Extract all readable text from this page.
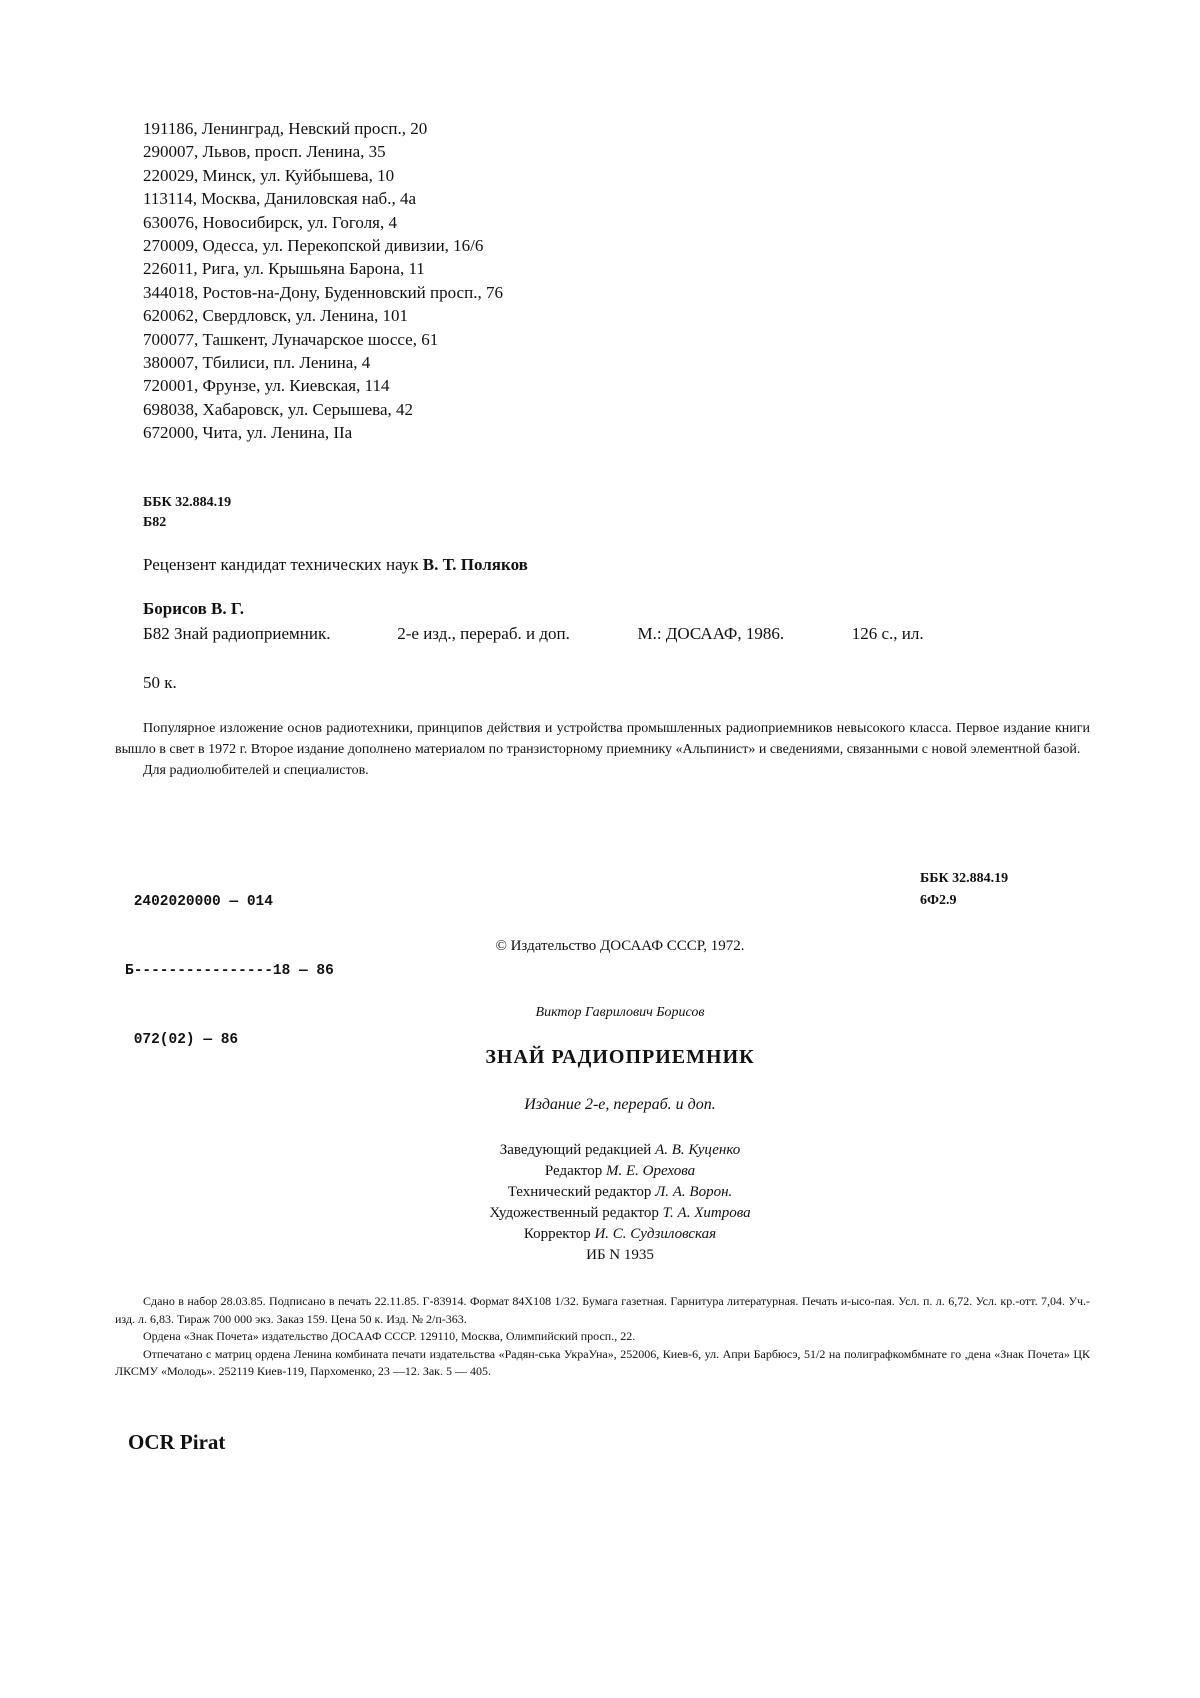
191186, Ленинград, Невский просп., 20
290007, Львов, просп. Ленина, 35
220029, Минск, ул. Куйбышева, 10
113114, Москва, Даниловская наб., 4а
630076, Новосибирск, ул. Гоголя, 4
270009, Одесса, ул. Перекопской дивизии, 16/6
226011, Рига, ул. Крышьяна Барона, 11
344018, Ростов-на-Дону, Буденновский просп., 76
620062, Свердловск, ул. Ленина, 101
700077, Ташкент, Луначарское шоссе, 61
380007, Тбилиси, пл. Ленина, 4
720001, Фрунзе, ул. Киевская, 114
698038, Хабаровск, ул. Серышева, 42
672000, Чита, ул. Ленина, IIa
ББК 32.884.19
Б82
Рецензент кандидат технических наук В. Т. Поляков
Борисов В. Г.
Б82 Знай радиоприемник.	2-е изд., перераб. и доп.	М.: ДОСААФ, 1986.	126 с., ил.
50 к.

Популярное изложение основ радиотехники, принципов действия и устройства промышленных радиоприемников невысокого класса. Первое издание книги вышло в свет в 1972 г. Второе издание дополнено материалом по транзисторному приемнику «Альпинист» и сведениями, связанными с новой элементной базой.

Для радиолюбителей и специалистов.

2402020000 — 014

Б----------------18 — 86

072(02) — 86

ББК 32.884.19
6Ф2.9
© Издательство ДОСААФ СССР, 1972.
Виктор Гаврилович Борисов
ЗНАЙ РАДИОПРИЕМНИК
Издание 2-е, перераб. и доп.
Заведующий редакцией А. В. Куценко
Редактор М. Е. Орехова
Технический редактор Л. А. Ворон.
Художественный редактор Т. А. Хитрова
Корректор И. С. Судзиловская
ИБ N 1935

Сдано в набор 28.03.85. Подписано в печать 22.11.85. Г-83914. Формат 84X108 1/32. Бумага газетная. Гарнитура литературная. Печать и-ысо-пая. Усл. п. л. 6,72. Усл. кр.-отт. 7,04. Уч.-изд. л. 6,83. Тираж 700 000 экз. Заказ 159. Цена 50 к. Изд. № 2/п-363.

Ордена «Знак Почета» издательство ДОСААФ СССР. 129110, Москва, Олимпийский просп., 22.

Отпечатано с матриц ордена Ленина комбината печати издательства «Радян-ська УкраУна», 252006, Киев-6, ул. Апри Барбюсэ, 51/2 на полиграфкомбмнате го ,дена «Знак Почета» ЦК ЛКСМУ «Молодь». 252119 Киев-119, Пархоменко, 23 —12. Зак. 5 — 405.

OCR Pirat
